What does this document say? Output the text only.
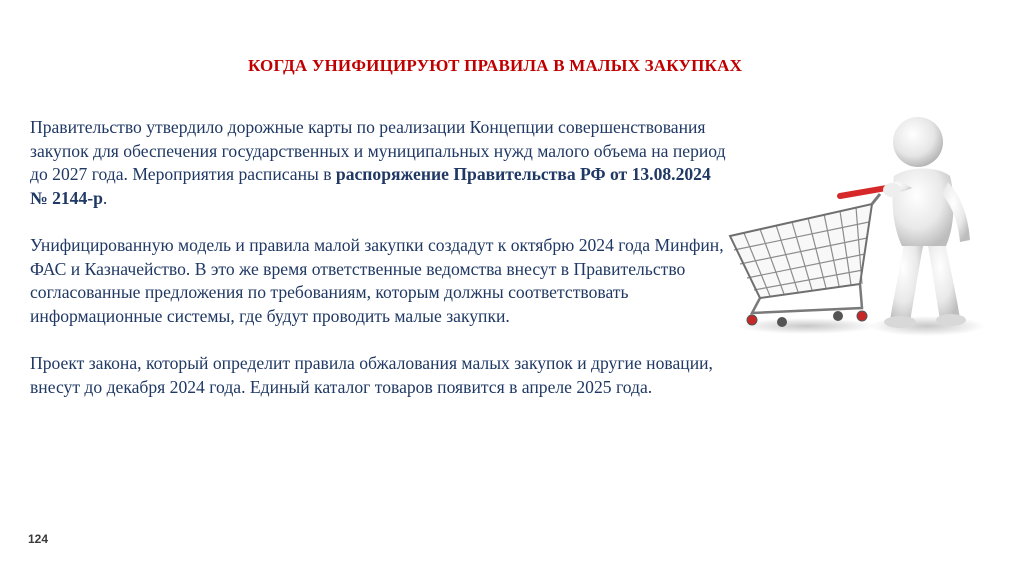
КОГДА УНИФИЦИРУЮТ ПРАВИЛА В МАЛЫХ ЗАКУПКАХ

Правительство утвердило дорожные карты по реализации Концепции совершенствования закупок для обеспечения государственных и муниципальных нужд малого объема на период до 2027 года. Мероприятия расписаны в распоряжение Правительства РФ от 13.08.2024 № 2144-р.

Унифицированную модель и правила малой закупки создадут к октябрю 2024 года Минфин, ФАС и Казначейство. В это же время ответственные ведомства внесут в Правительство согласованные предложения по требованиям, которым должны соответствовать информационные системы, где будут проводить малые закупки.

Проект закона, который определит правила обжалования малых закупок и другие новации, внесут до декабря 2024 года. Единый каталог товаров появится в апреле 2025 года.

124
